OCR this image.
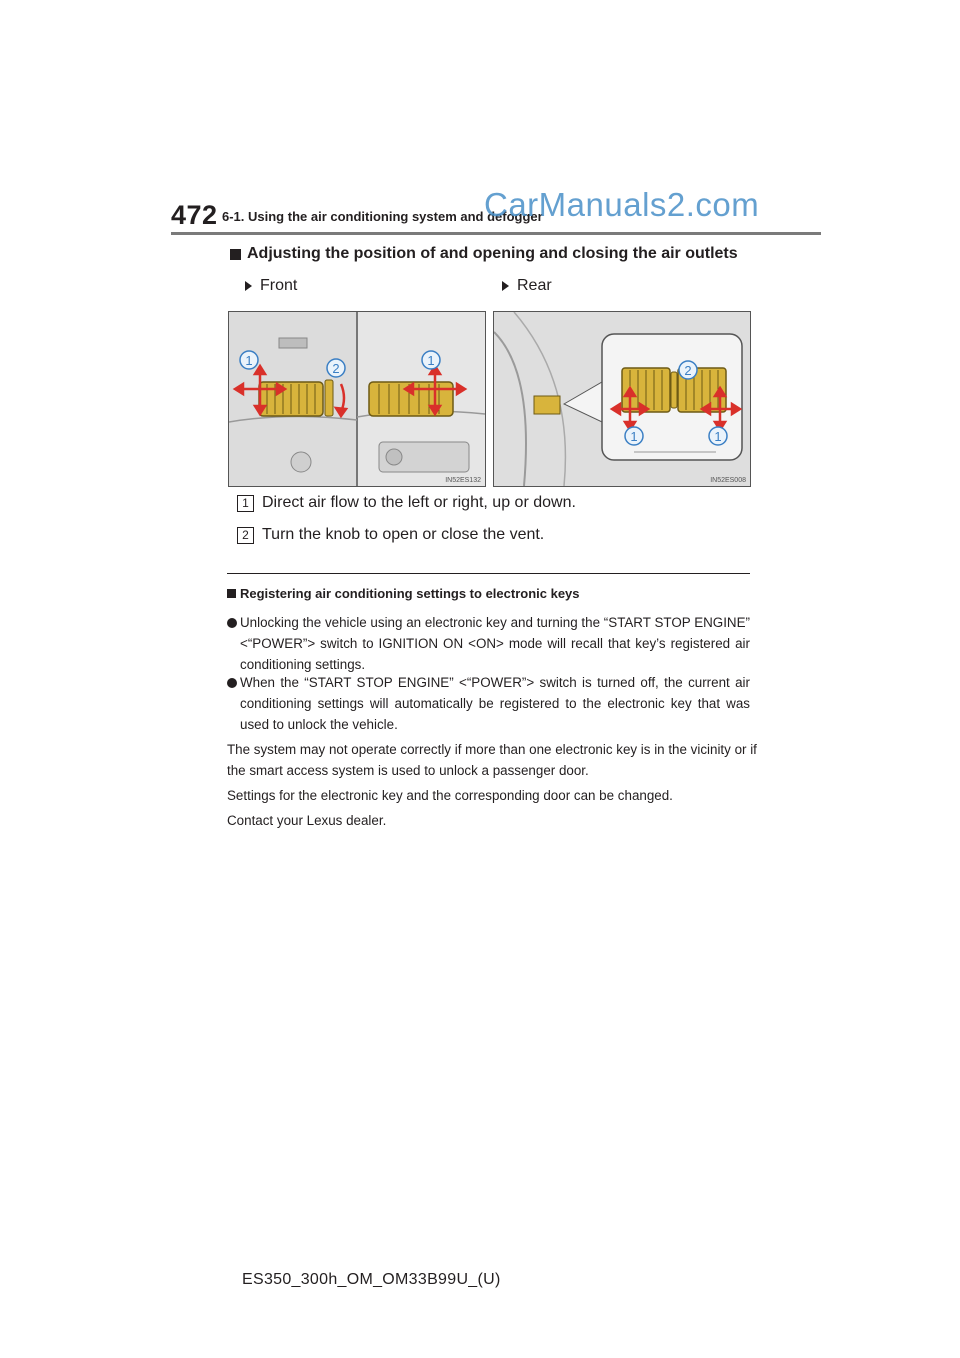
472 6-1. Using the air conditioning system and defogger
CarManuals2.com
Adjusting the position of and opening and closing the air outlets
Front	Rear
1
2
1
IN52ES132
2
1	1
IN52ES008
1 Direct air flow to the left or right, up or down.
2 Turn the knob to open or close the vent.
Registering air conditioning settings to electronic keys
Unlocking the vehicle using an electronic key and turning the “START STOP ENGINE” <“POWER”> switch to IGNITION ON <ON> mode will recall that key’s registered air conditioning settings.
When the “START STOP ENGINE” <“POWER”> switch is turned off, the current air conditioning settings will automatically be registered to the electronic key that was used to unlock the vehicle.
The system may not operate correctly if more than one electronic key is in the vicinity or if the smart access system is used to unlock a passenger door.
Settings for the electronic key and the corresponding door can be changed.
Contact your Lexus dealer.
ES350_300h_OM_OM33B99U_(U)
